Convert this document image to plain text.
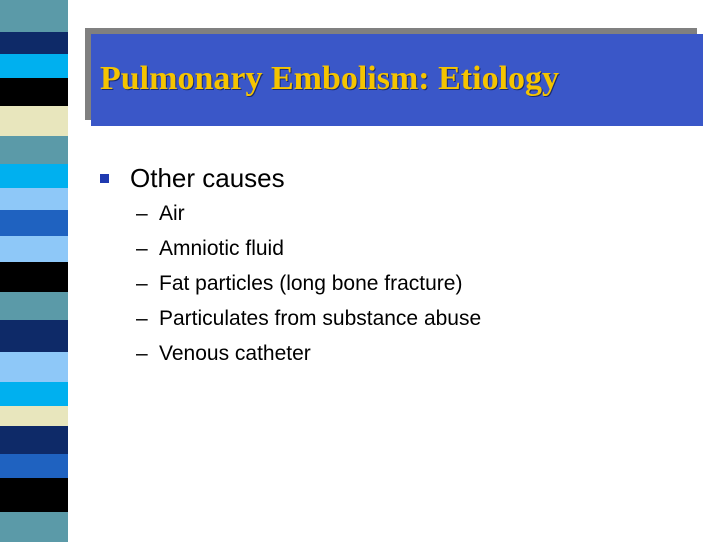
Pulmonary Embolism: Etiology
Other causes
– Air
– Amniotic fluid
– Fat particles (long bone fracture)
– Particulates from substance abuse
– Venous catheter
